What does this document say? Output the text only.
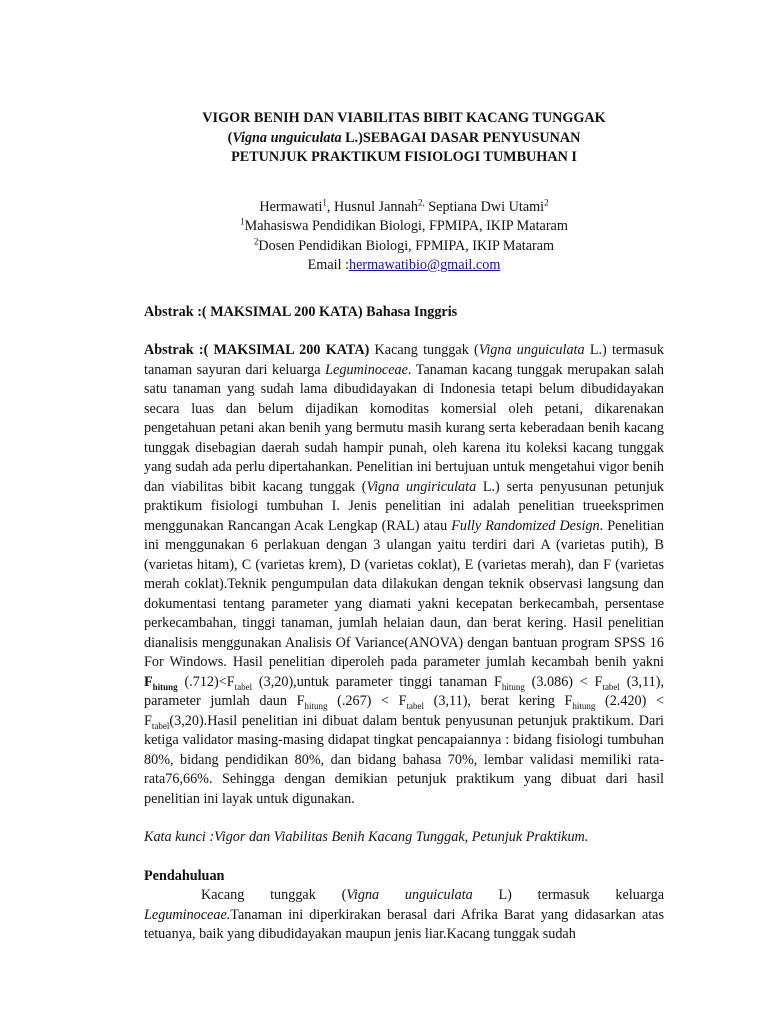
VIGOR BENIH DAN VIABILITAS BIBIT KACANG TUNGGAK
(Vigna unguiculata L.)SEBAGAI DASAR PENYUSUNAN
PETUNJUK PRAKTIKUM FISIOLOGI TUMBUHAN I
Hermawati$^1$, Husnul Jannah$^{2,}$ Septiana Dwi Utami$^2$
$^1$Mahasiswa Pendidikan Biologi, FPMIPA, IKIP Mataram
$^2$Dosen Pendidikan Biologi, FPMIPA, IKIP Mataram
Email :hermawatibio@gmail.com

Abstrak :( MAKSIMAL 200 KATA) Bahasa Inggris

Abstrak :( MAKSIMAL 200 KATA) Kacang tunggak (Vigna unguiculata L.) termasuk tanaman sayuran dari keluarga Leguminoceae. Tanaman kacang tunggak merupakan salah satu tanaman yang sudah lama dibudidayakan di Indonesia tetapi belum dibudidayakan secara luas dan belum dijadikan komoditas komersial oleh petani, dikarenakan pengetahuan petani akan benih yang bermutu masih kurang serta keberadaan benih kacang tunggak disebagian daerah sudah hampir punah, oleh karena itu koleksi kacang tunggak yang sudah ada perlu dipertahankan. Penelitian ini bertujuan untuk mengetahui vigor benih dan viabilitas bibit kacang tunggak (Vigna ungiriculata L.) serta penyusunan petunjuk praktikum fisiologi tumbuhan I. Jenis penelitian ini adalah penelitian trueeksprimen menggunakan Rancangan Acak Lengkap (RAL) atau Fully Randomized Design. Penelitian ini menggunakan 6 perlakuan dengan 3 ulangan yaitu terdiri dari A (varietas putih), B (varietas hitam), C (varietas krem), D (varietas coklat), E (varietas merah), dan F (varietas merah coklat).Teknik pengumpulan data dilakukan dengan teknik observasi langsung dan dokumentasi tentang parameter yang diamati yakni kecepatan berkecambah, persentase perkecambahan, tinggi tanaman, jumlah helaian daun, dan berat kering. Hasil penelitian dianalisis menggunakan Analisis Of Variance(ANOVA) dengan bantuan program SPSS 16 For Windows. Hasil penelitian diperoleh pada parameter jumlah kecambah benih yakni $F_{hitung}$ $(.712)<F_{tabel}$ (3,20),untuk parameter tinggi tanaman $F_{hitung}$ $(3.086) < F_{tabel}$ (3,11), parameter jumlah daun $F_{hitung}$ $(.267) < F_{tabel}$ (3,11), berat kering $F_{hitung}$ $(2.420) < F_{tabel}(3,20).Hasil$ penelitian ini dibuat dalam bentuk penyusunan petunjuk praktikum. Dari ketiga validator masing-masing didapat tingkat pencapaiannya : bidang fisiologi tumbuhan 80%, bidang pendidikan 80%, dan bidang bahasa 70%, lembar validasi memiliki rata-rata76,66%. Sehingga dengan demikian petunjuk praktikum yang dibuat dari hasil penelitian ini layak untuk digunakan.

Kata kunci :Vigor dan Viabilitas Benih Kacang Tunggak, Petunjuk Praktikum.

Pendahuluan

Kacang tunggak (Vigna unguiculata L) termasuk keluarga Leguminoceae.Tanaman ini diperkirakan berasal dari Afrika Barat yang didasarkan atas tetuanya, baik yang dibudidayakan maupun jenis liar.Kacang tunggak sudah
